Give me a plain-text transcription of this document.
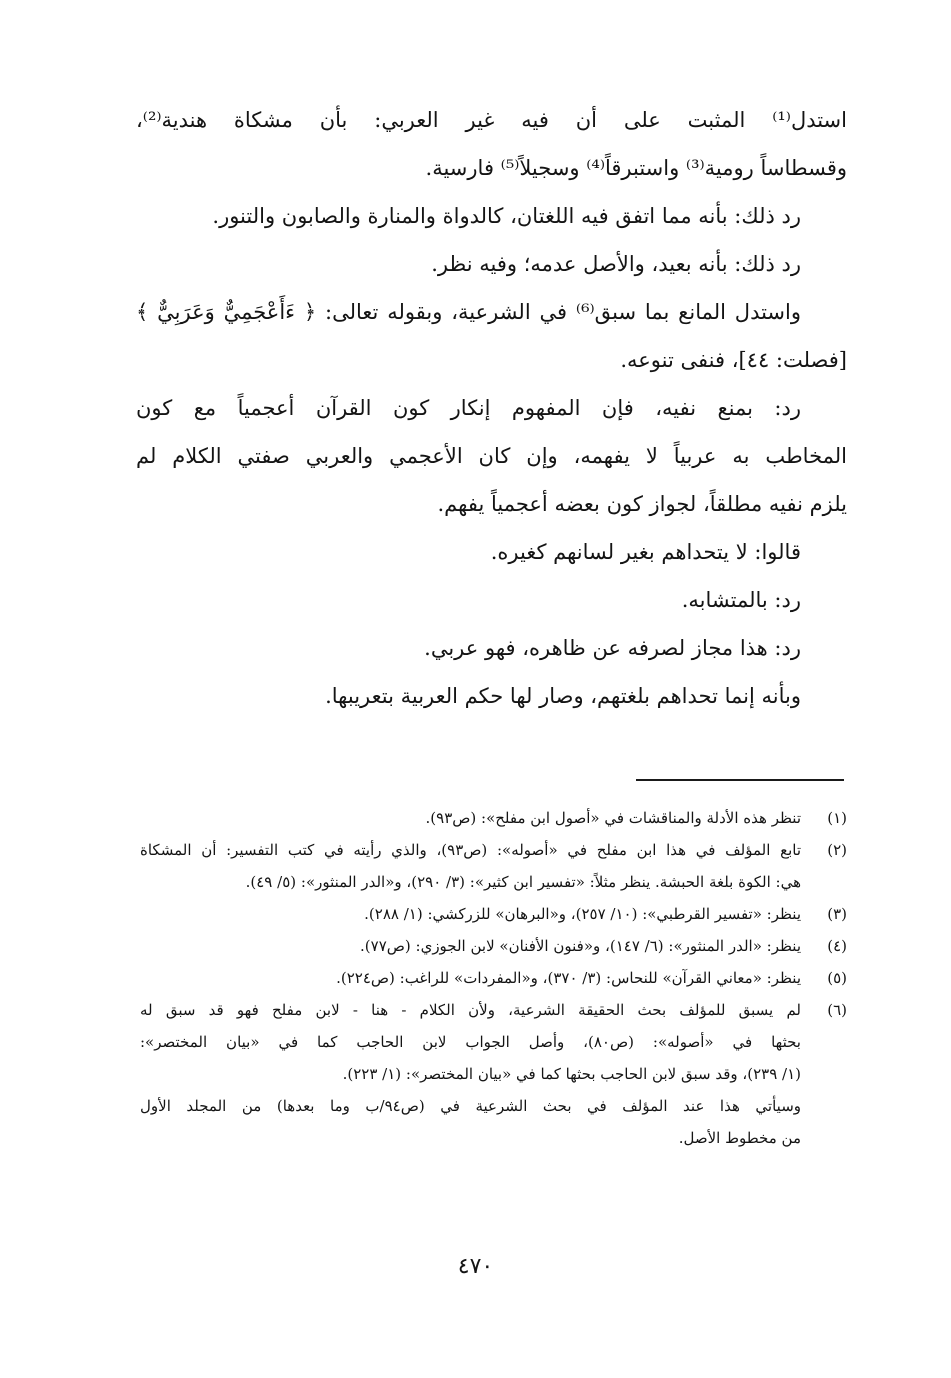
استدل⁽¹⁾ المثبت على أن فيه غير العربي: بأن مشكاة هندية⁽²⁾،
وقسطاساً رومية⁽³⁾ واستبرقاً⁽⁴⁾ وسجيلاً⁽⁵⁾ فارسية.
رد ذلك: بأنه مما اتفق فيه اللغتان، كالدواة والمنارة والصابون والتنور.
رد ذلك: بأنه بعيد، والأصل عدمه؛ وفيه نظر.
واستدل المانع بما سبق⁽⁶⁾ في الشرعية، وبقوله تعالى: ﴿ ءَأَعْجَمِيٌّ وَعَرَبِيٌّ ﴾
[فصلت: ٤٤]، فنفى تنوعه.
رد: بمنع نفيه، فإن المفهوم إنكار كون القرآن أعجمياً مع كون
المخاطب به عربياً لا يفهمه، وإن كان الأعجمي والعربي صفتي الكلام لم
يلزم نفيه مطلقاً، لجواز كون بعضه أعجمياً يفهم.
قالوا: لا يتحداهم بغير لسانهم كغيره.
رد: بالمتشابه.
رد: هذا مجاز لصرفه عن ظاهره، فهو عربي.
وبأنه إنما تحداهم بلغتهم، وصار لها حكم العربية بتعريبها.
(١)
تنظر هذه الأدلة والمناقشات في «أصول ابن مفلح»: (ص٩٣).
(٢)
تابع المؤلف في هذا ابن مفلح في «أصوله»: (ص٩٣)، والذي رأيته في كتب التفسير: أن المشكاة
هي: الكوة بلغة الحبشة. ينظر مثلاً: «تفسير ابن كثير»: (٣/ ٢٩٠)، و«الدر المنثور»: (٥/ ٤٩).
(٣)
ينظر: «تفسير القرطبي»: (١٠/ ٢٥٧)، و«البرهان» للزركشي: (١/ ٢٨٨).
(٤)
ينظر: «الدر المنثور»: (٦/ ١٤٧)، و«فنون الأفنان» لابن الجوزي: (ص٧٧).
(٥)
ينظر: «معاني القرآن» للنحاس: (٣/ ٣٧٠)، و«المفردات» للراغب: (ص٢٢٤).
(٦)
لم يسبق للمؤلف بحث الحقيقة الشرعية، ولأن الكلام - هنا - لابن مفلح فهو قد سبق له
بحثها في «أصوله»: (ص٨٠)، وأصل الجواب لابن الحاجب كما في «بيان المختصر»:
(١/ ٢٣٩)، وقد سبق لابن الحاجب بحثها كما في «بيان المختصر»: (١/ ٢٢٣).
وسيأتي هذا عند المؤلف في بحث الشرعية في (ص٩٤/ب وما بعدها) من المجلد الأول
من مخطوط الأصل.
٤٧٠
